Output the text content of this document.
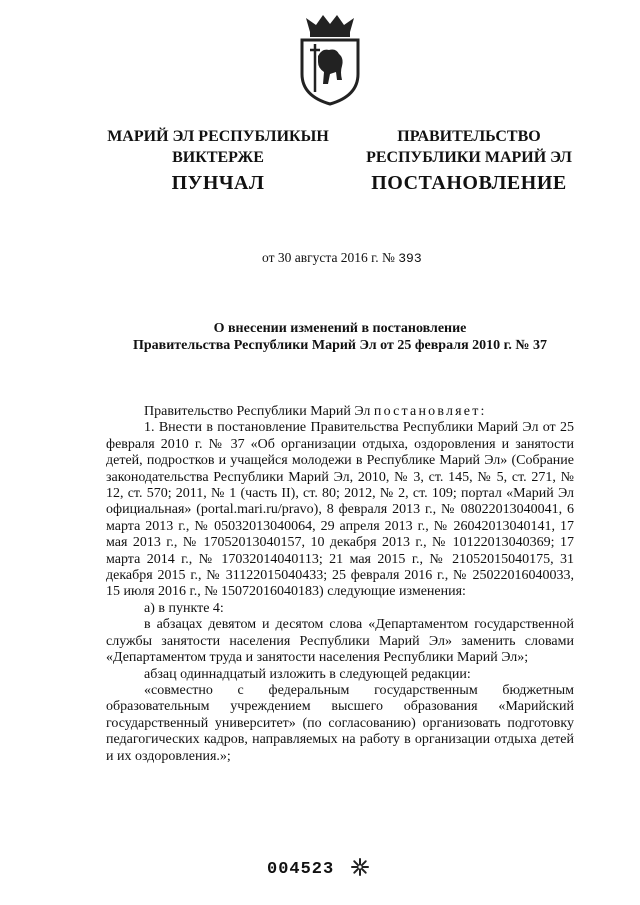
МАРИЙ ЭЛ РЕСПУБЛИКЫН
ВИКТЕРЖЕ
ПРАВИТЕЛЬСТВО
РЕСПУБЛИКИ МАРИЙ ЭЛ
ПУНЧАЛ	ПОСТАНОВЛЕНИЕ
от 30 августа 2016 г. № 393
О внесении изменений в постановление
Правительства Республики Марий Эл от 25 февраля 2010 г. № 37

Правительство Республики Марий Эл постановляет:

1. Внести в постановление Правительства Республики Марий Эл от 25 февраля 2010 г. № 37 «Об организации отдыха, оздоровления и занятости детей, подростков и учащейся молодежи в Республике Марий Эл» (Собрание законодательства Республики Марий Эл, 2010, № 3, ст. 145, № 5, ст. 271, № 12, ст. 570; 2011, № 1 (часть II), ст. 80; 2012, № 2, ст. 109; портал «Марий Эл официальная» (portal.mari.ru/pravo), 8 февраля 2013 г., № 08022013040041, 6 марта 2013 г., № 05032013040064, 29 апреля 2013 г., № 26042013040141, 17 мая 2013 г., № 17052013040157, 10 декабря 2013 г., № 10122013040369; 17 марта 2014 г., № 17032014040113; 21 мая 2015 г., № 21052015040175, 31 декабря 2015 г., № 31122015040433; 25 февраля 2016 г., № 25022016040033, 15 июля 2016 г., № 15072016040183) следующие изменения:

а) в пункте 4:

в абзацах девятом и десятом слова «Департаментом государственной службы занятости населения Республики Марий Эл» заменить словами «Департаментом труда и занятости населения Республики Марий Эл»;

абзац одиннадцатый изложить в следующей редакции:

«совместно с федеральным государственным бюджетным образовательным учреждением высшего образования «Марийский государственный университет» (по согласованию) организовать подготовку педагогических кадров, направляемых на работу в организации отдыха детей и их оздоровления.»;

004523
